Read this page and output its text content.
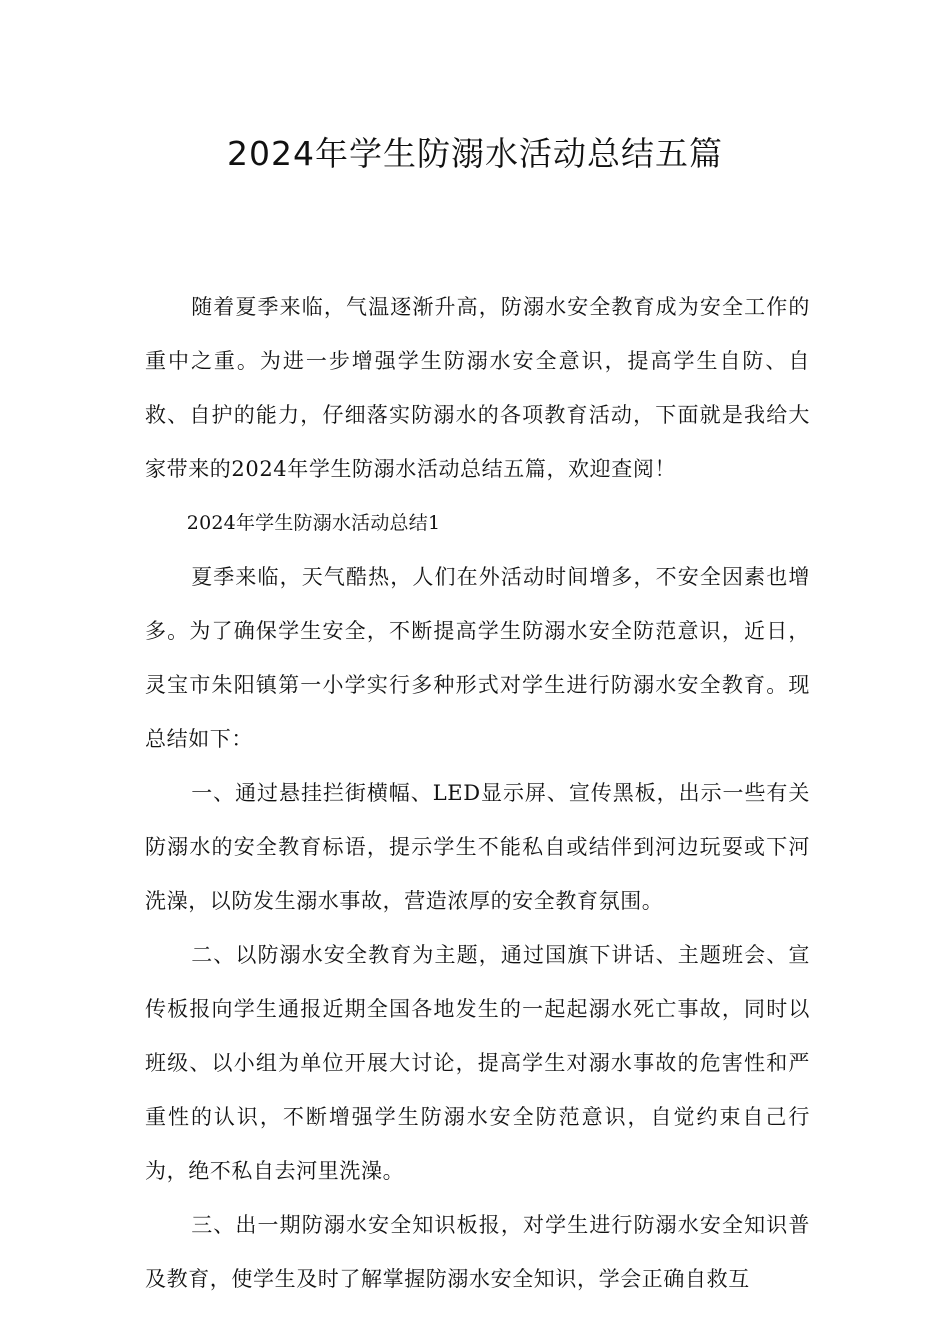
2024年学生防溺水活动总结五篇

随着夏季来临，气温逐渐升高，防溺水安全教育成为安全工作的重中之重。为进一步增强学生防溺水安全意识，提高学生自防、自救、自护的能力，仔细落实防溺水的各项教育活动，下面就是我给大家带来的2024年学生防溺水活动总结五篇，欢迎查阅！

2024年学生防溺水活动总结1

夏季来临，天气酷热，人们在外活动时间增多，不安全因素也增多。为了确保学生安全，不断提高学生防溺水安全防范意识，近日，灵宝市朱阳镇第一小学实行多种形式对学生进行防溺水安全教育。现总结如下：

一、通过悬挂拦街横幅、LED显示屏、宣传黑板，出示一些有关防溺水的安全教育标语，提示学生不能私自或结伴到河边玩耍或下河洗澡，以防发生溺水事故，营造浓厚的安全教育氛围。

二、以防溺水安全教育为主题，通过国旗下讲话、主题班会、宣传板报向学生通报近期全国各地发生的一起起溺水死亡事故，同时以班级、以小组为单位开展大讨论，提高学生对溺水事故的危害性和严重性的认识，不断增强学生防溺水安全防范意识，自觉约束自己行为，绝不私自去河里洗澡。

三、出一期防溺水安全知识板报，对学生进行防溺水安全知识普及教育，使学生及时了解掌握防溺水安全知识，学会正确自救互
